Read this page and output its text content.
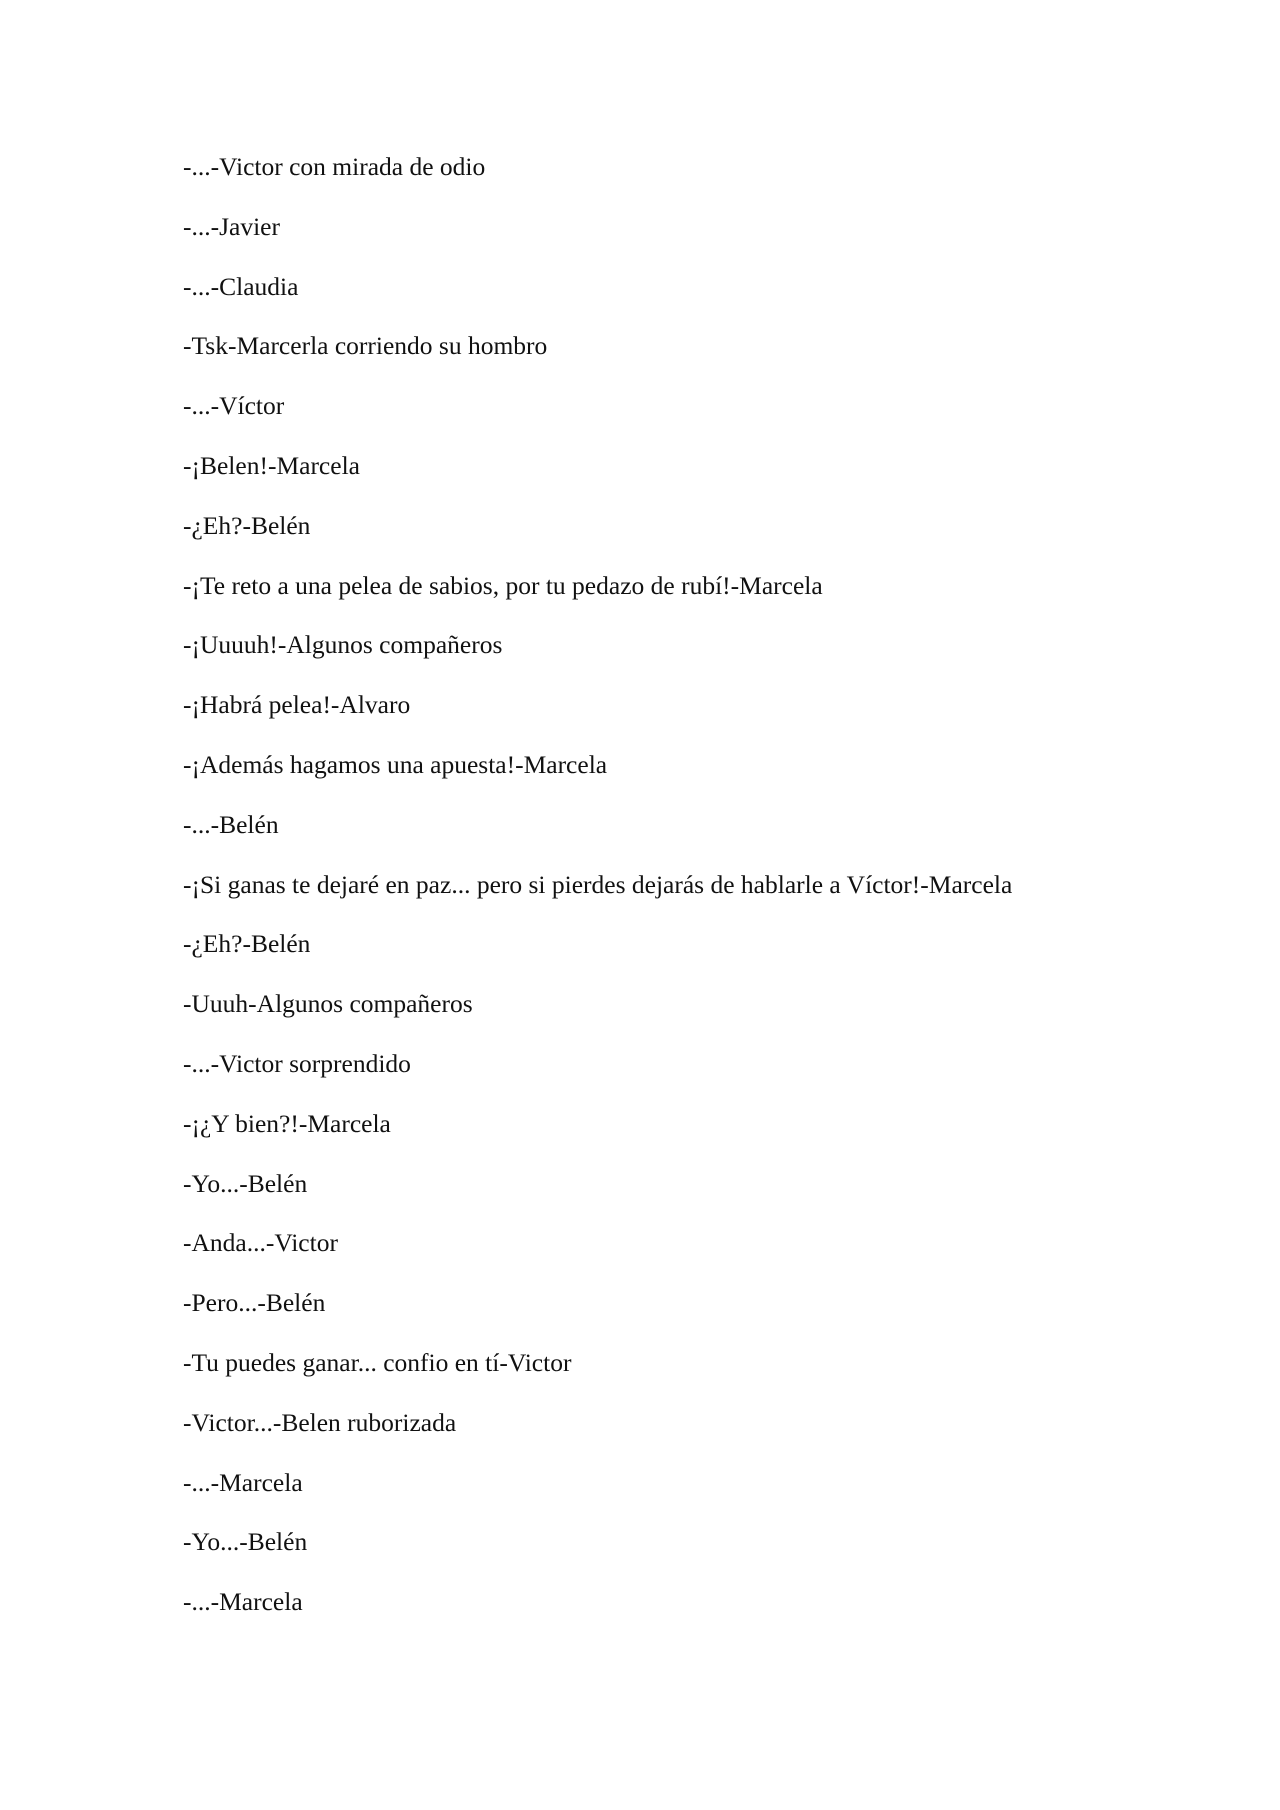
-...-Victor con mirada de odio
-...-Javier
-...-Claudia
-Tsk-Marcerla corriendo su hombro
-...-Víctor
-¡Belen!-Marcela
-¿Eh?-Belén
-¡Te reto a una pelea de sabios, por tu pedazo de rubí!-Marcela
-¡Uuuuh!-Algunos compañeros
-¡Habrá pelea!-Alvaro
-¡Además hagamos una apuesta!-Marcela
-...-Belén
-¡Si ganas te dejaré en paz... pero si pierdes dejarás de hablarle a Víctor!-Marcela
-¿Eh?-Belén
-Uuuh-Algunos compañeros
-...-Victor sorprendido
-¡¿Y bien?!-Marcela
-Yo...-Belén
-Anda...-Victor
-Pero...-Belén
-Tu puedes ganar... confio en tí-Victor
-Victor...-Belen ruborizada
-...-Marcela
-Yo...-Belén
-...-Marcela
